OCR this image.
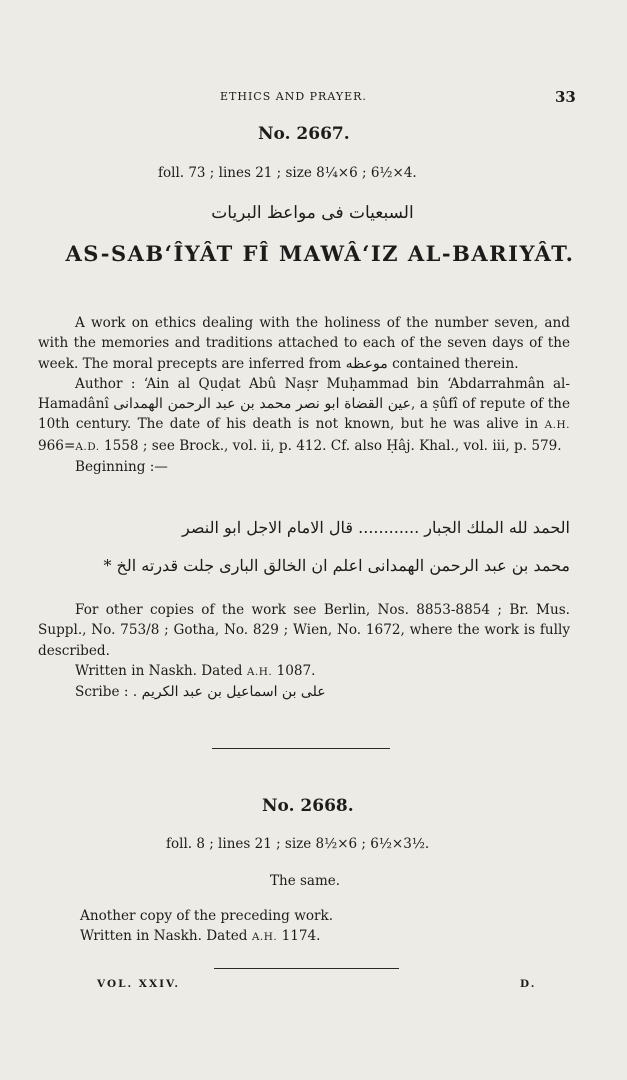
ETHICS AND PRAYER.	33
No. 2667.
foll. 73 ; lines 21 ; size 8¼×6 ; 6½×4.
السبعيات فى مواعظ البريات
AS-SAB‘ÎYÂT FÎ MAWÂ‘IZ AL-BARIYÂT.

A work on ethics dealing with the holiness of the number seven, and with the memories and traditions attached to each of the seven days of the week. The moral precepts are inferred from موعظه contained therein.

Author : ‘Ain al Quḍat Abû Naṣr Muḥammad bin ‘Abdarrahmân al-Hamadânî عين القضاة ابو نصر محمد بن عبد الرحمن الهمدانى, a ṣûfî of repute of the 10th century. The date of his death is not known, but he was alive in A.H. 966=A.D. 1558 ; see Brock., vol. ii, p. 412. Cf. also Ḥâj. Khal., vol. iii, p. 579.

Beginning :—

الحمد لله الملك الجبار ............ قال الامام الاجل ابو النصر
محمد بن عبد الرحمن الهمدانى اعلم ان الخالق البارى جلت قدرته الخ *

For other copies of the work see Berlin, Nos. 8853-8854 ; Br. Mus. Suppl., No. 753/8 ; Gotha, No. 829 ; Wien, No. 1672, where the work is fully described.

Written in Naskh. Dated A.H. 1087.

Scribe : على بن اسماعيل بن عبد الكريم .

No. 2668.
foll. 8 ; lines 21 ; size 8½×6 ; 6½×3½.
The same.

Another copy of the preceding work.

Written in Naskh. Dated A.H. 1174.

VOL. XXIV.	D.
